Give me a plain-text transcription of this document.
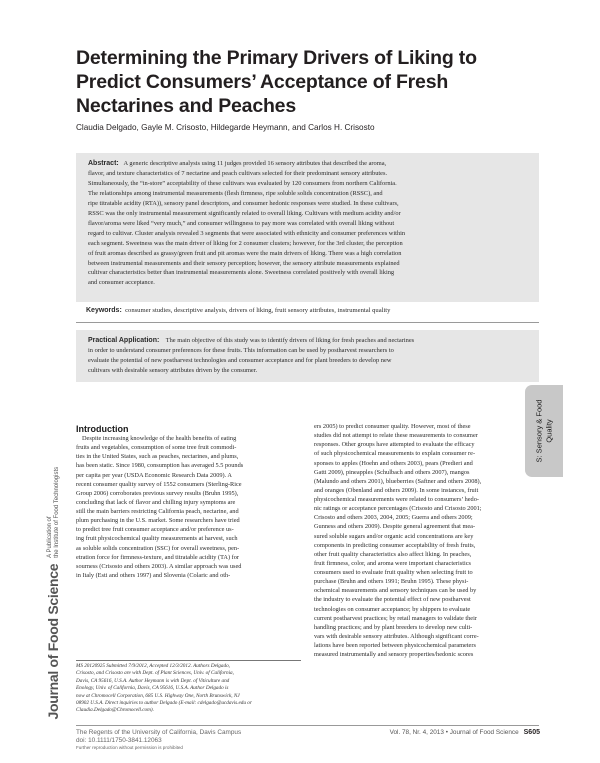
Determining the Primary Drivers of Liking to
Predict Consumers’ Acceptance of Fresh
Nectarines and Peaches
Claudia Delgado, Gayle M. Crisosto, Hildegarde Heymann, and Carlos H. Crisosto
Abstract: A generic descriptive analysis using 11 judges provided 16 sensory attributes that described the aroma,
flavor, and texture characteristics of 7 nectarine and peach cultivars selected for their predominant sensory attributes.
Simultaneously, the “in-store” acceptability of these cultivars was evaluated by 120 consumers from northern California.
The relationships among instrumental measurements (flesh firmness, ripe soluble solids concentration (RSSC), and
ripe titratable acidity (RTA)), sensory panel descriptors, and consumer hedonic responses were studied. In these cultivars,
RSSC was the only instrumental measurement significantly related to overall liking. Cultivars with medium acidity and/or
flavor/aroma were liked “very much,” and consumer willingness to pay more was correlated with overall liking without
regard to cultivar. Cluster analysis revealed 3 segments that were associated with ethnicity and consumer preferences within
each segment. Sweetness was the main driver of liking for 2 consumer clusters; however, for the 3rd cluster, the perception
of fruit aromas described as grassy/green fruit and pit aromas were the main drivers of liking. There was a high correlation
between instrumental measurements and their sensory perception; however, the sensory attribute measurements explained
cultivar characteristics better than instrumental measurements alone. Sweetness correlated positively with overall liking
and consumer acceptance.
Keywords: consumer studies, descriptive analysis, drivers of liking, fruit sensory attributes, instrumental quality
Practical Application: The main objective of this study was to identify drivers of liking for fresh peaches and nectarines
in order to understand consumer preferences for these fruits. This information can be used by postharvest researchers to
evaluate the potential of new postharvest technologies and consumer acceptance and for plant breeders to develop new
cultivars with desirable sensory attributes driven by the consumer.
S: Sensory & Food Quality
Introduction
Despite increasing knowledge of the health benefits of eating
fruits and vegetables, consumption of some tree fruit commodi-
ties in the United States, such as peaches, nectarines, and plums,
has been static. Since 1980, consumption has averaged 5.5 pounds
per capita per year (USDA Economic Research Data 2009). A
recent consumer quality survey of 1552 consumers (Sterling-Rice
Group 2006) corroborates previous survey results (Bruhn 1995),
concluding that lack of flavor and chilling injury symptoms are
still the main barriers restricting California peach, nectarine, and
plum purchasing in the U.S. market. Some researchers have tried
to predict tree fruit consumer acceptance and/or preference us-
ing fruit physicochemical quality measurements at harvest, such
as soluble solids concentration (SSC) for overall sweetness, pen-
etration force for firmness-texture, and titratable acidity (TA) for
sourness (Crisosto and others 2003). A similar approach was used
in Italy (Esti and others 1997) and Slovenia (Colaric and oth-
ers 2005) to predict consumer quality. However, most of these
studies did not attempt to relate these measurements to consumer
responses. Other groups have attempted to evaluate the efficacy
of such physicochemical measurements to explain consumer re-
sponses to apples (Hoehn and others 2003), pears (Predieri and
Gatti 2009), pineapples (Schulbach and others 2007), mangos
(Malundo and others 2001), blueberries (Saftner and others 2008),
and oranges (Obenland and others 2009). In some instances, fruit
physicochemical measurements were related to consumers’ hedo-
nic ratings or acceptance percentages (Crisosto and Crisosto 2001;
Crisosto and others 2003, 2004, 2005; Guerra and others 2009;
Gunness and others 2009). Despite general agreement that mea-
sured soluble sugars and/or organic acid concentrations are key
components in predicting consumer acceptability of fresh fruits,
other fruit quality characteristics also affect liking. In peaches,
fruit firmness, color, and aroma were important characteristics
consumers used to evaluate fruit quality when selecting fruit to
purchase (Bruhn and others 1991; Bruhn 1995). These physi-
ochemical measurements and sensory techniques can be used by
the industry to evaluate the potential effect of new postharvest
technologies on consumer acceptance; by shippers to evaluate
current postharvest practices; by retail managers to validate their
handling practices; and by plant breeders to develop new culti-
vars with desirable sensory attributes. Although significant corre-
lations have been reported between physicochemical parameters
measured instrumentally and sensory properties/hedonic scores
MS 20120925 Submitted 7/9/2012, Accepted 12/3/2012. Authors Delgado,
Crisosto, and Crisosto are with Dept. of Plant Sciences, Univ. of California,
Davis, CA 95616, U.S.A. Author Heymann is with Dept. of Viticulture and
Enology, Univ. of California, Davis, CA 95616, U.S.A. Author Delgado is
now at Chromocell Corporation, 685 U.S. Highway One, North Brunswick, NJ
08902 U.S.A. Direct inquiries to author Delgado (E-mail: cdelgado@ucdavis.edu or
Claudia.Delgado@Chromocell.com).
Journal of Food Science
A Publication of the Institute of Food Technologists
The Regents of the University of California, Davis Campus
doi: 10.1111/1750-3841.12063
Further reproduction without permission is prohibited
Vol. 78, Nr. 4, 2013 • Journal of Food Science S605
